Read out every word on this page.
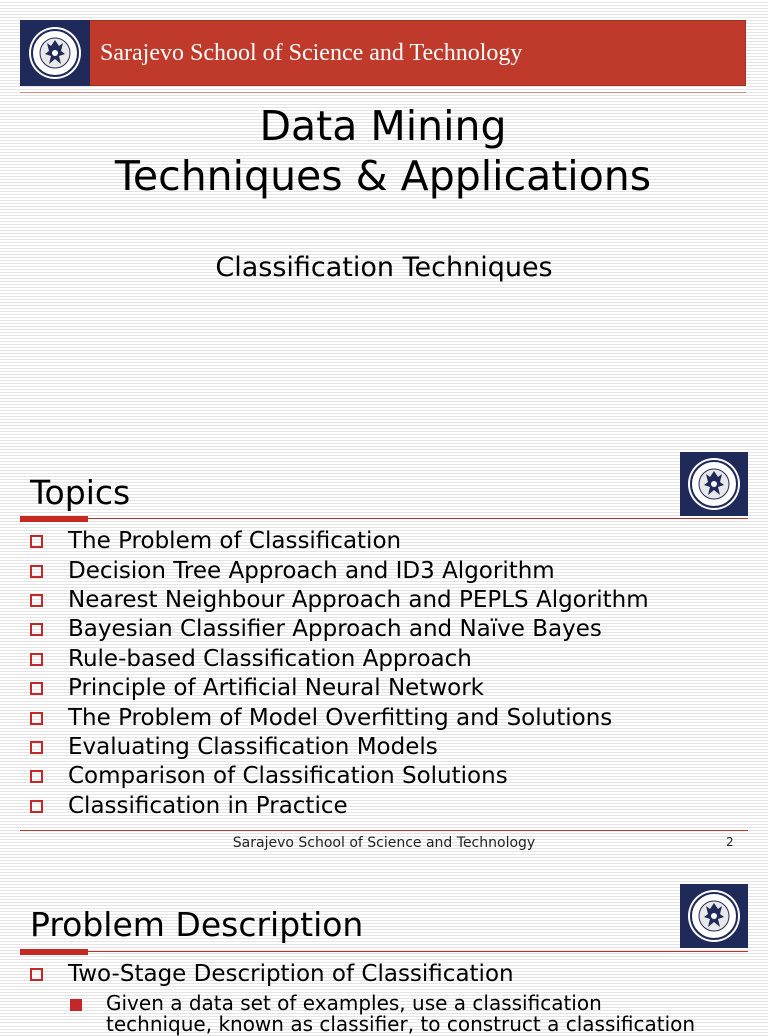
Sarajevo School of Science and Technology
Data Mining
Techniques & Applications
Classification Techniques
Topics
The Problem of Classification
Decision Tree Approach and ID3 Algorithm
Nearest Neighbour Approach and PEPLS Algorithm
Bayesian Classifier Approach and Naïve Bayes
Rule-based Classification Approach
Principle of Artificial Neural Network
The Problem of Model Overfitting and Solutions
Evaluating Classification Models
Comparison of Classification Solutions
Classification in Practice
Sarajevo School of Science and Technology	2
Problem Description
Two-Stage Description of Classification
Given a data set of examples, use a classification
technique, known as classifier, to construct a classification
